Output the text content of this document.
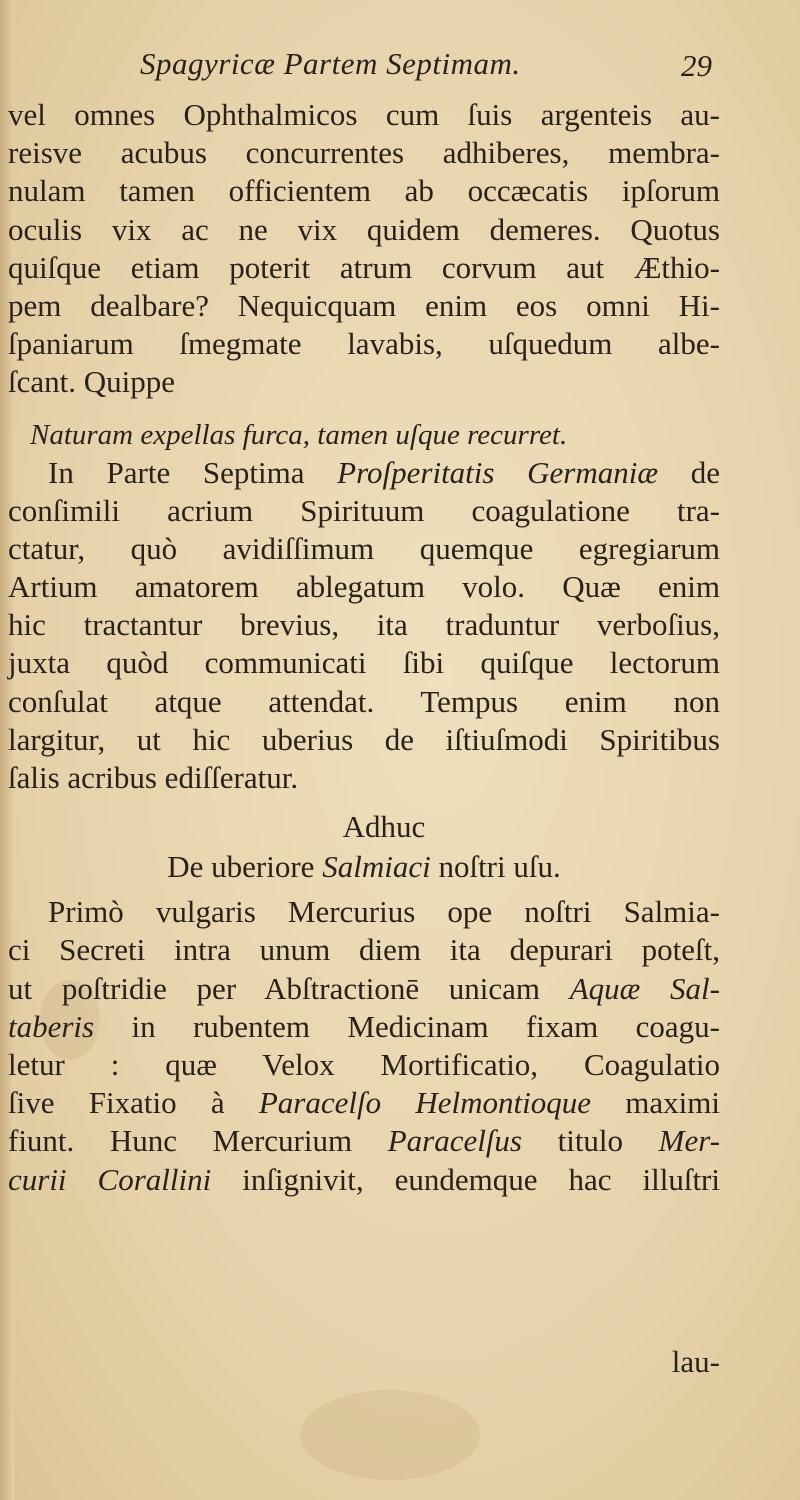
Spagyricæ Partem Septimam.	29
vel omnes Ophthalmicos cum ſuis argenteis au-
reisve acubus concurrentes adhiberes, membra-
nulam tamen officientem ab occæcatis ipſorum
oculis vix ac ne vix quidem demeres. Quotus
quiſque etiam poterit atrum corvum aut Æthio-
pem dealbare? Nequicquam enim eos omni Hi-
ſpaniarum ſmegmate lavabis, uſquedum albe-
ſcant. Quippe
Naturam expellas furca, tamen uſque recurret.
In Parte Septima Proſperitatis Germaniæ de
conſimili acrium Spirituum coagulatione tra-
ctatur, quò avidiſſimum quemque egregiarum
Artium amatorem ablegatum volo. Quæ enim
hic tractantur brevius, ita traduntur verboſius,
juxta quòd communicati ſibi quiſque lectorum
conſulat atque attendat. Tempus enim non
largitur, ut hic uberius de iſtiuſmodi Spiritibus
ſalis acribus ediſſeratur.
Adhuc
De uberiore Salmiaci noſtri uſu.
Primò vulgaris Mercurius ope noſtri Salmia-
ci Secreti intra unum diem ita depurari poteſt,
ut poſtridie per Abſtractionē unicam Aquæ Sal-
taberis in rubentem Medicinam fixam coagu-
letur : quæ Velox Mortificatio, Coagulatio
ſive Fixatio à Paracelſo Helmontioque maximi
fiunt. Hunc Mercurium Paracelſus titulo Mer-
curii Corallini inſignivit, eundemque hac illuſtri
lau-
